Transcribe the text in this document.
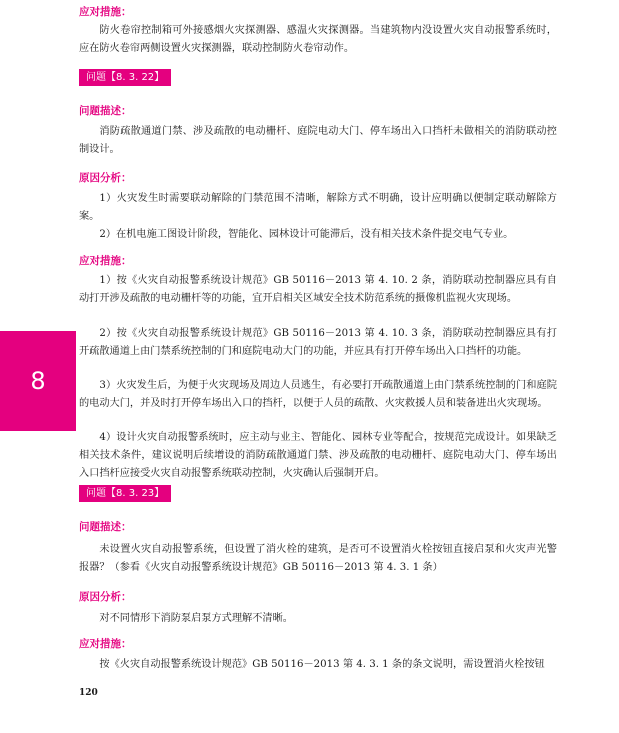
应对措施：
防火卷帘控制箱可外接感烟火灾探测器、感温火灾探测器。当建筑物内没设置火灾自动报警系统时，应在防火卷帘两侧设置火灾探测器，联动控制防火卷帘动作。
问题【8. 3. 22】
问题描述：
消防疏散通道门禁、涉及疏散的电动栅杆、庭院电动大门、停车场出入口挡杆未做相关的消防联动控制设计。
原因分析：
1）火灾发生时需要联动解除的门禁范围不清晰，解除方式不明确，设计应明确以便制定联动解除方案。
2）在机电施工图设计阶段，智能化、园林设计可能滞后，没有相关技术条件提交电气专业。
应对措施：
1）按《火灾自动报警系统设计规范》GB 50116－2013 第 4. 10. 2 条，消防联动控制器应具有自动打开涉及疏散的电动栅杆等的功能，宜开启相关区域安全技术防范系统的摄像机监视火灾现场。
2）按《火灾自动报警系统设计规范》GB 50116－2013 第 4. 10. 3 条，消防联动控制器应具有打开疏散通道上由门禁系统控制的门和庭院电动大门的功能，并应具有打开停车场出入口挡杆的功能。
3）火灾发生后，为便于火灾现场及周边人员逃生，有必要打开疏散通道上由门禁系统控制的门和庭院的电动大门，并及时打开停车场出入口的挡杆，以便于人员的疏散、火灾救援人员和装备进出火灾现场。
4）设计火灾自动报警系统时，应主动与业主、智能化、园林专业等配合，按规范完成设计。如果缺乏相关技术条件，建议说明后续增设的消防疏散通道门禁、涉及疏散的电动栅杆、庭院电动大门、停车场出入口挡杆应接受火灾自动报警系统联动控制，火灾确认后强制开启。
问题【8. 3. 23】
问题描述：
未设置火灾自动报警系统，但设置了消火栓的建筑，是否可不设置消火栓按钮直接启泵和火灾声光警报器？（参看《火灾自动报警系统设计规范》GB 50116－2013 第 4. 3. 1 条）
原因分析：
对不同情形下消防泵启泵方式理解不清晰。
应对措施：
按《火灾自动报警系统设计规范》GB 50116－2013 第 4. 3. 1 条的条文说明，需设置消火栓按钮
8
120
